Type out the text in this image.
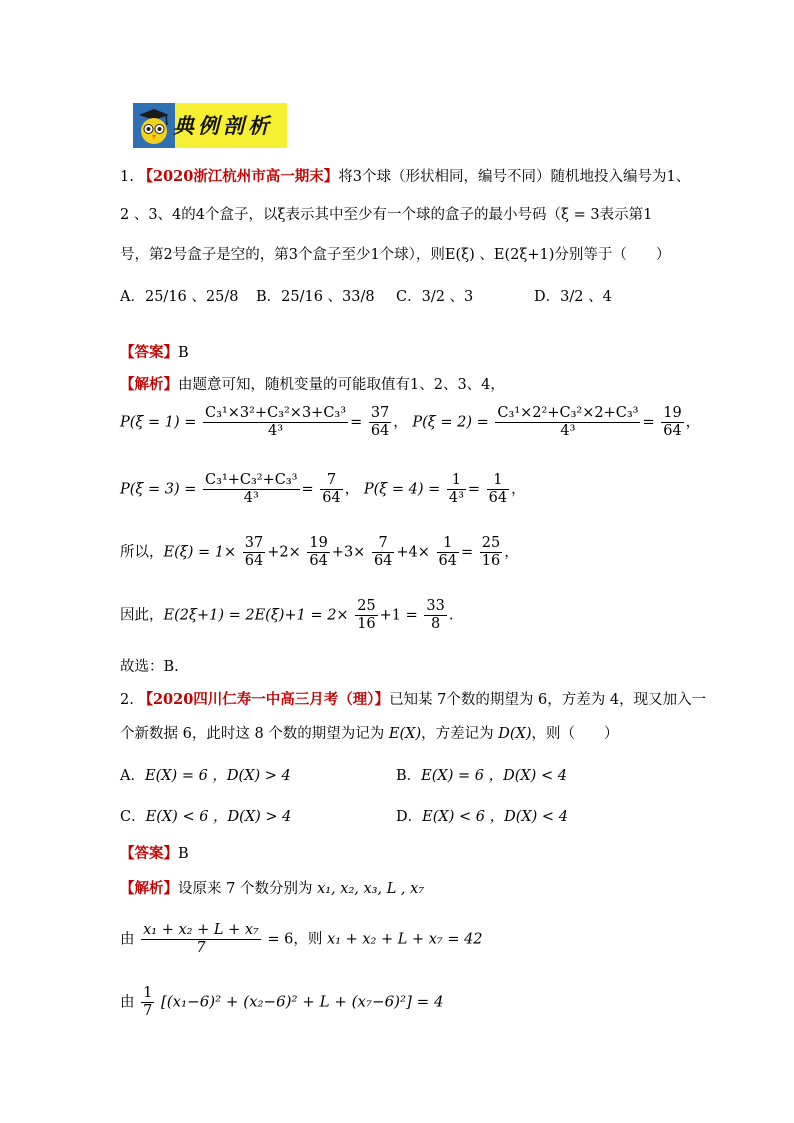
典例剖析
1. 【2020浙江杭州市高一期末】将3个球（形状相同，编号不同）随机地投入编号为1、
2 、3、4的4个盒子，以ξ表示其中至少有一个球的盒子的最小号码（ξ = 3表示第1
号，第2号盒子是空的，第3个盒子至少1个球），则E(ξ) 、E(2ξ+1)分别等于（　　）
A．25/16 、25/8 B．25/16 、33/8 C．3/2 、3	D．3/2 、4
【答案】B
【解析】由题意可知，随机变量的可能取值有1、2、3、4，
$P(\xi = 1) = \frac{\text{C₃¹×3²+C₃²×3+C₃³}}{\text{4³}} = \frac{37}{64}$ ， $P(\xi = 2) = \frac{\text{C₃¹×2²+C₃²×2+C₃³}}{\text{4³}} = \frac{19}{64}$ ，
$P(\xi = 3) = \frac{\text{C₃¹+C₃²+C₃³}}{\text{4³}} = \frac{7}{64}$ ， $P(\xi = 4) = \frac{1}{\text{4³}} = \frac{1}{64}$ ，
所以，$E(\xi) = 1\times \frac{37}{64} +2\times \frac{19}{64} +3\times \frac{7}{64} +4\times \frac{1}{64} = \frac{25}{16}$ ，
因此，$E(2\xi+1) = 2E(\xi)+1 = 2\times \frac{25}{16} +1 = \frac{33}{8}$ .
故选：B.
2. 【2020四川仁寿一中高三月考（理）】已知某 7个数的期望为 6，方差为 4，现又加入一
个新数据 6，此时这 8 个数的期望为记为 E(X)，方差记为 D(X)，则（　　）
A．E(X) = 6 ，D(X) > 4	B．E(X) = 6 ，D(X) < 4
C．E(X) < 6 ，D(X) > 4	D．E(X) < 6 ，D(X) < 4
【答案】B
【解析】设原来 7 个数分别为 x₁, x₂, x₃, L , x₇
由 $\frac{\text{x₁ + x₂ + L + x₇}}{7} = 6$，则 x₁ + x₂ + L + x₇ = 42
由 $\frac{1}{7} [(x_1-6)^2 + (x_2-6)^2 + L + (x_7-6)^2] = 4$
